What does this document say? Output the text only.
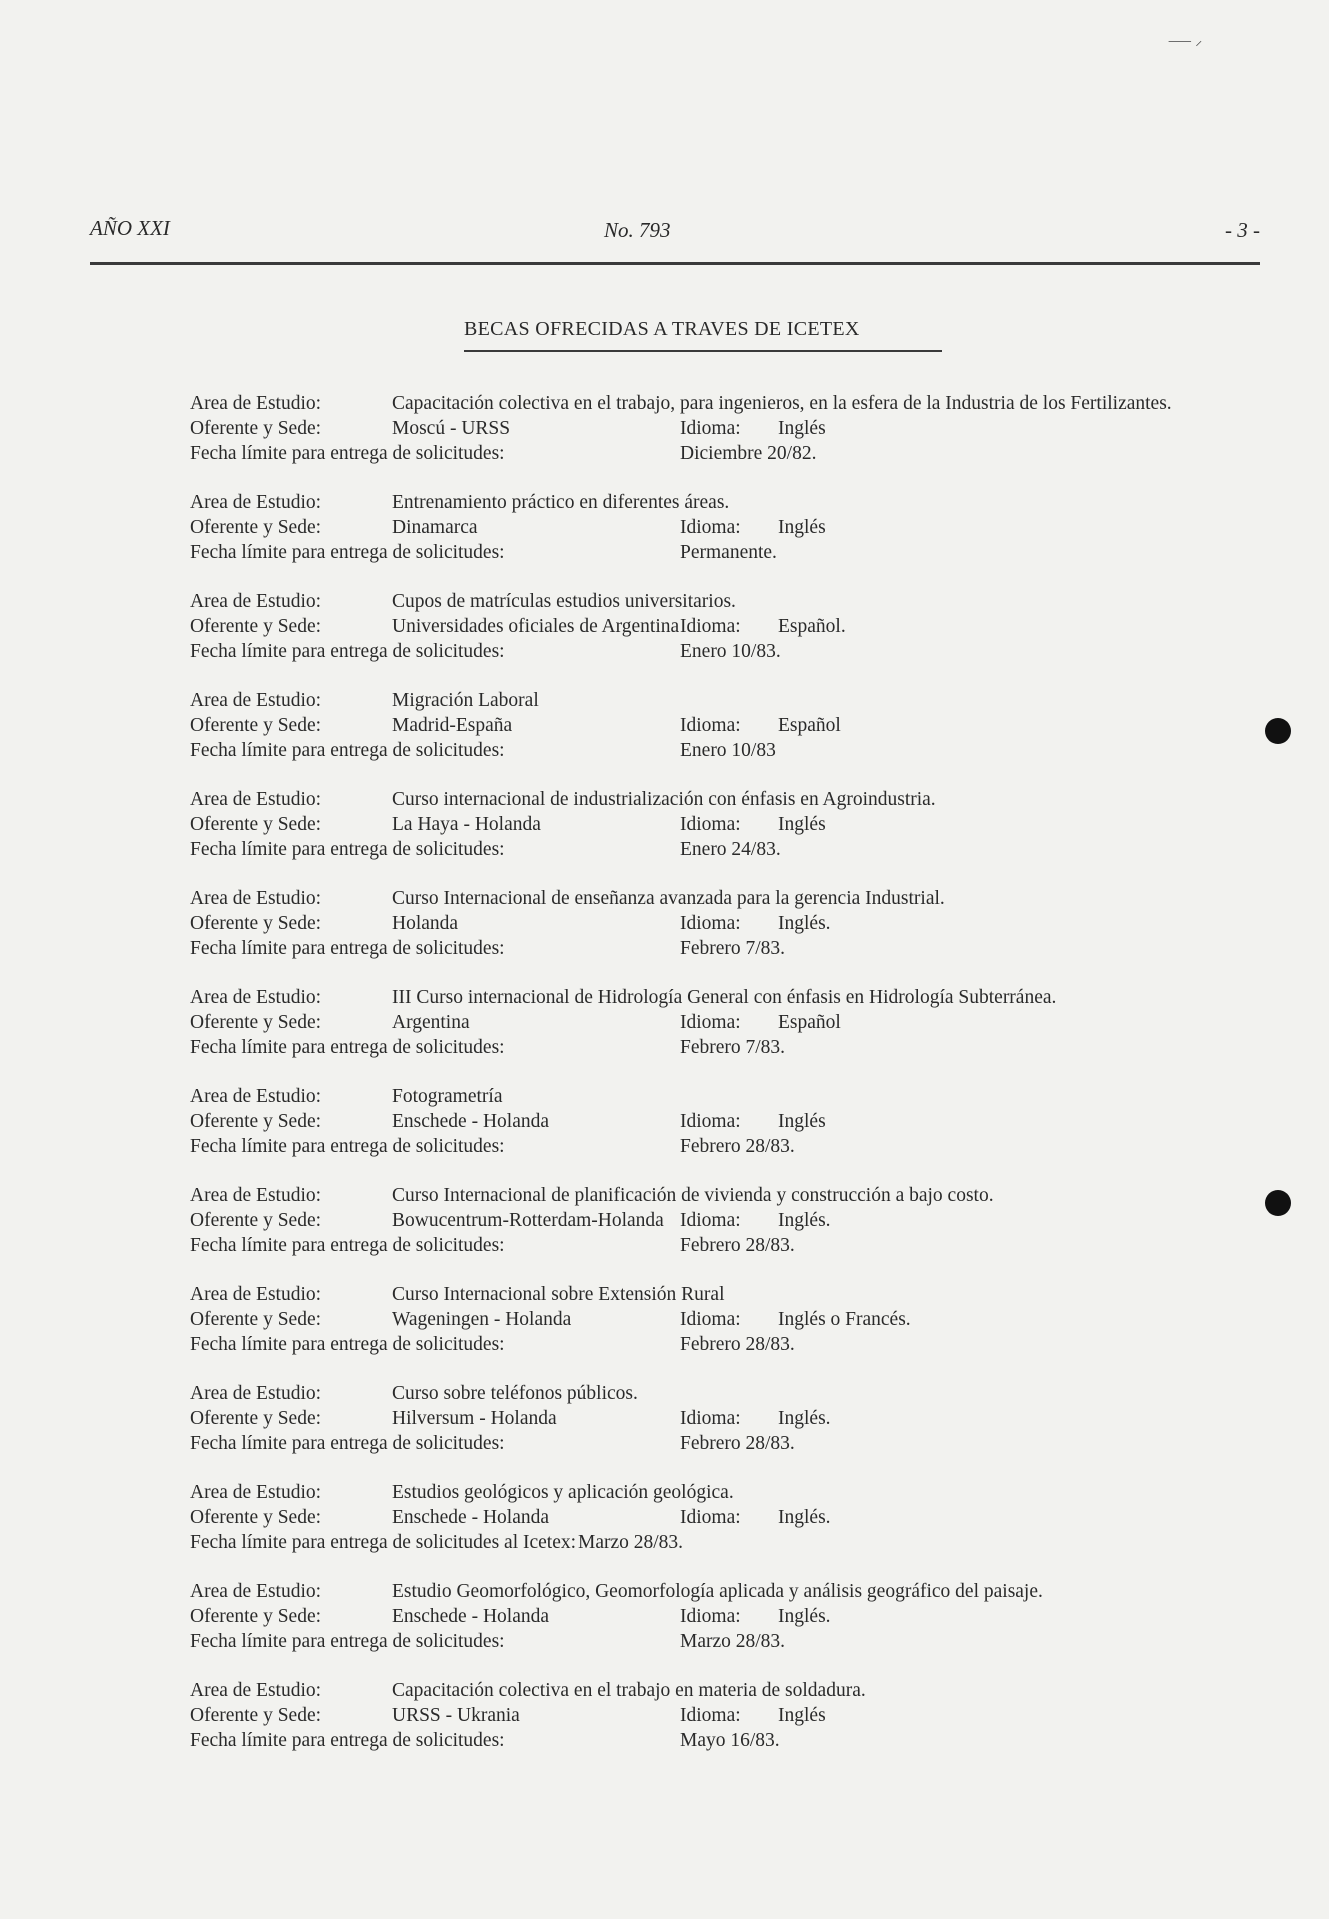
⸺ ⸝
AÑO XXI	No. 793	- 3 -
BECAS OFRECIDAS A TRAVES DE ICETEX
Area de Estudio:	Capacitación colectiva en el trabajo, para ingenieros, en la esfera de la Industria de los Fertilizantes.
Oferente y Sede:	Moscú - URSS	Idioma: Inglés
Fecha límite para entrega de solicitudes:	Diciembre 20/82.
Area de Estudio:	Entrenamiento práctico en diferentes áreas.
Oferente y Sede:	Dinamarca	Idioma: Inglés
Fecha límite para entrega de solicitudes:	Permanente.
Area de Estudio:	Cupos de matrículas estudios universitarios.
Oferente y Sede:	Universidades oficiales de Argentina Idioma: Español.
Fecha límite para entrega de solicitudes:	Enero 10/83.
Area de Estudio:	Migración Laboral
Oferente y Sede:	Madrid-España	Idioma: Español
Fecha límite para entrega de solicitudes:	Enero 10/83
Area de Estudio:	Curso internacional de industrialización con énfasis en Agroindustria.
Oferente y Sede:	La Haya - Holanda	Idioma: Inglés
Fecha límite para entrega de solicitudes:	Enero 24/83.
Area de Estudio:	Curso Internacional de enseñanza avanzada para la gerencia Industrial.
Oferente y Sede:	Holanda	Idioma: Inglés.
Fecha límite para entrega de solicitudes:	Febrero 7/83.
Area de Estudio:	III Curso internacional de Hidrología General con énfasis en Hidrología Subterránea.
Oferente y Sede:	Argentina	Idioma: Español
Fecha límite para entrega de solicitudes:	Febrero 7/83.
Area de Estudio:	Fotogrametría
Oferente y Sede:	Enschede - Holanda	Idioma: Inglés
Fecha límite para entrega de solicitudes:	Febrero 28/83.
Area de Estudio:	Curso Internacional de planificación de vivienda y construcción a bajo costo.
Oferente y Sede:	Bowucentrum-Rotterdam-Holanda Idioma: Inglés.
Fecha límite para entrega de solicitudes:	Febrero 28/83.
Area de Estudio:	Curso Internacional sobre Extensión Rural
Oferente y Sede:	Wageningen - Holanda	Idioma: Inglés o Francés.
Fecha límite para entrega de solicitudes:	Febrero 28/83.
Area de Estudio:	Curso sobre teléfonos públicos.
Oferente y Sede:	Hilversum - Holanda	Idioma: Inglés.
Fecha límite para entrega de solicitudes:	Febrero 28/83.
Area de Estudio:	Estudios geológicos y aplicación geológica.
Oferente y Sede:	Enschede - Holanda	Idioma: Inglés.
Fecha límite para entrega de solicitudes al Icetex: Marzo 28/83.
Area de Estudio:	Estudio Geomorfológico, Geomorfología aplicada y análisis geográfico del paisaje.
Oferente y Sede:	Enschede - Holanda	Idioma: Inglés.
Fecha límite para entrega de solicitudes:	Marzo 28/83.
Area de Estudio:	Capacitación colectiva en el trabajo en materia de soldadura.
Oferente y Sede:	URSS - Ukrania	Idioma: Inglés
Fecha límite para entrega de solicitudes:	Mayo 16/83.
